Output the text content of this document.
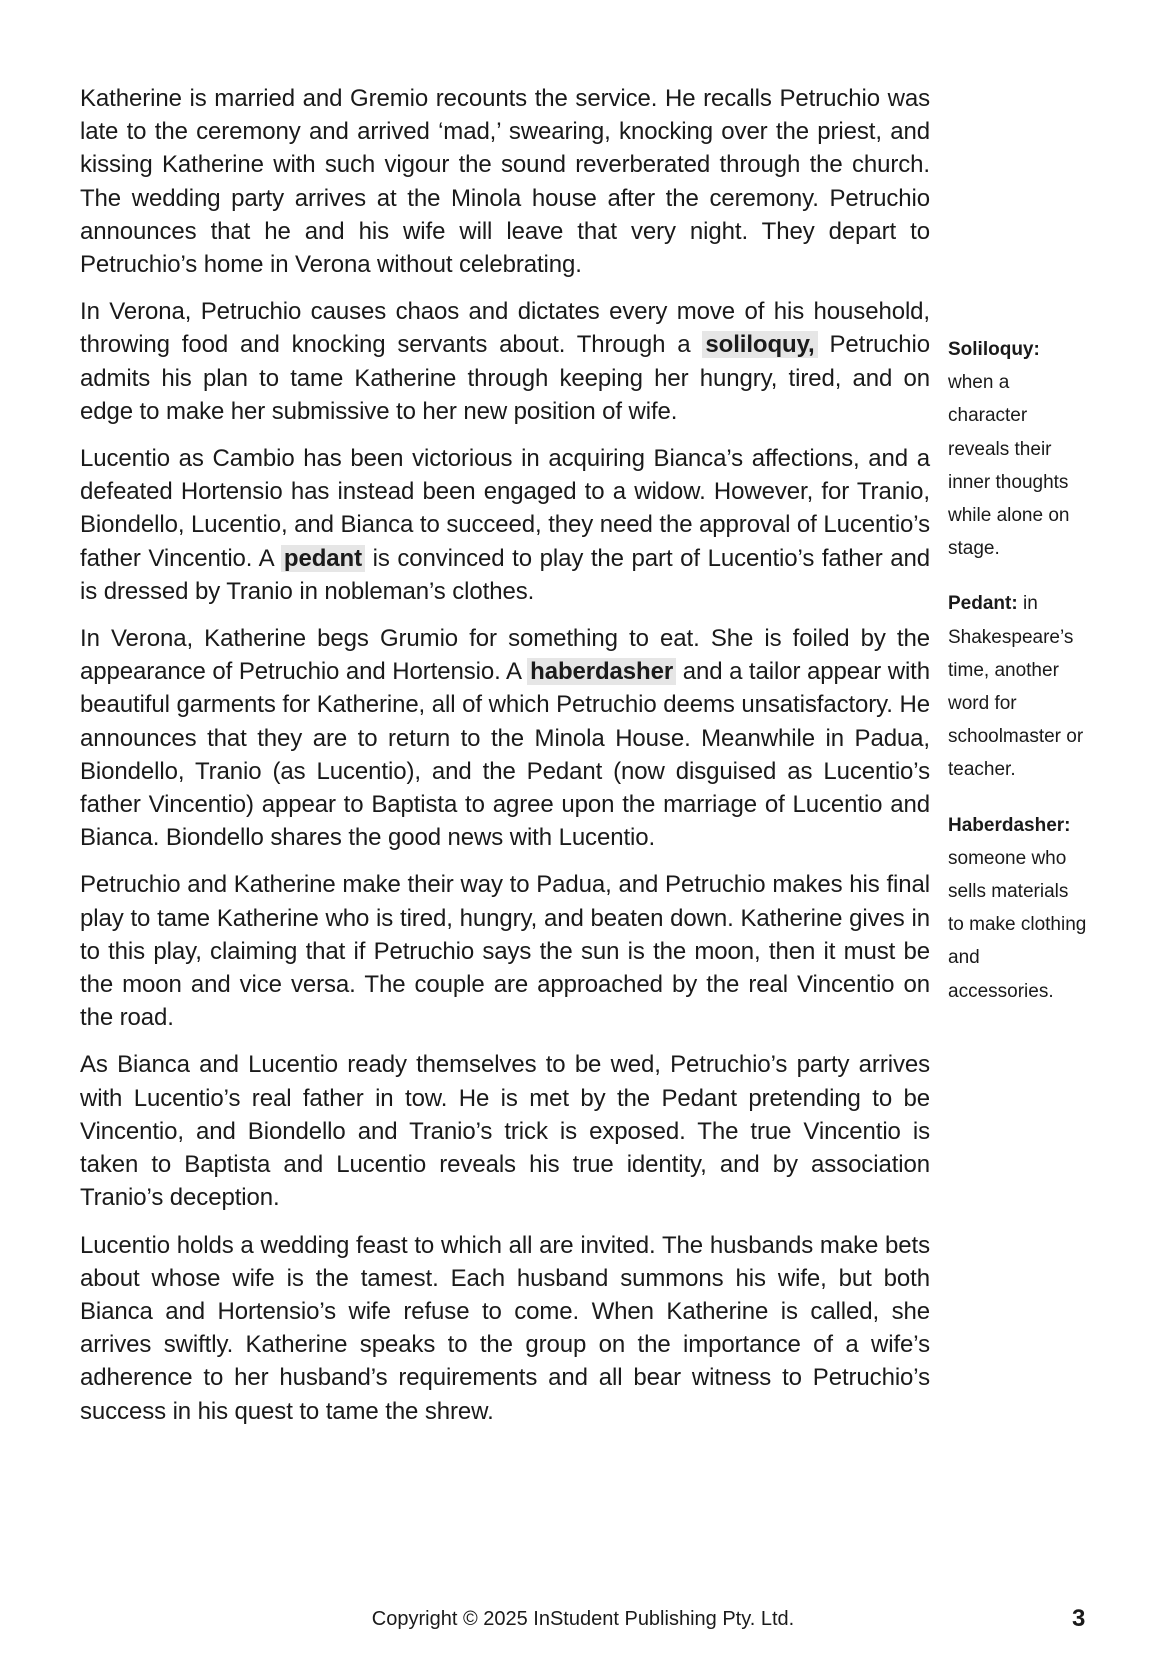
Katherine is married and Gremio recounts the service. He recalls Petruchio was late to the ceremony and arrived ‘mad,’ swearing, knocking over the priest, and kissing Katherine with such vigour the sound reverberated through the church. The wedding party arrives at the Minola house after the ceremony. Petruchio announces that he and his wife will leave that very night. They depart to Petruchio’s home in Verona without celebrating.

In Verona, Petruchio causes chaos and dictates every move of his household, throwing food and knocking servants about. Through a soliloquy, Petruchio admits his plan to tame Katherine through keeping her hungry, tired, and on edge to make her submissive to her new position of wife.

Lucentio as Cambio has been victorious in acquiring Bianca’s affections, and a defeated Hortensio has instead been engaged to a widow. However, for Tranio, Biondello, Lucentio, and Bianca to succeed, they need the approval of Lucentio’s father Vincentio. A pedant is convinced to play the part of Lucentio’s father and is dressed by Tranio in nobleman’s clothes.

In Verona, Katherine begs Grumio for something to eat. She is foiled by the appearance of Petruchio and Hortensio. A haberdasher and a tailor appear with beautiful garments for Katherine, all of which Petruchio deems unsatisfactory. He announces that they are to return to the Minola House. Meanwhile in Padua, Biondello, Tranio (as Lucentio), and the Pedant (now disguised as Lucentio’s father Vincentio) appear to Baptista to agree upon the marriage of Lucentio and Bianca. Biondello shares the good news with Lucentio.

Petruchio and Katherine make their way to Padua, and Petruchio makes his final play to tame Katherine who is tired, hungry, and beaten down. Katherine gives in to this play, claiming that if Petruchio says the sun is the moon, then it must be the moon and vice versa. The couple are approached by the real Vincentio on the road.

As Bianca and Lucentio ready themselves to be wed, Petruchio’s party arrives with Lucentio’s real father in tow. He is met by the Pedant pretending to be Vincentio, and Biondello and Tranio’s trick is exposed. The true Vincentio is taken to Baptista and Lucentio reveals his true identity, and by association Tranio’s deception.

Lucentio holds a wedding feast to which all are invited. The husbands make bets about whose wife is the tamest. Each husband summons his wife, but both Bianca and Hortensio’s wife refuse to come. When Katherine is called, she arrives swiftly. Katherine speaks to the group on the importance of a wife’s adherence to her husband’s requirements and all bear witness to Petruchio’s success in his quest to tame the shrew.

Soliloquy: when a character reveals their inner thoughts while alone on stage.
Pedant: in Shakespeare’s time, another word for schoolmaster or teacher.
Haberdasher: someone who sells materials to make clothing and accessories.
Copyright © 2025 InStudent Publishing Pty. Ltd.	3
